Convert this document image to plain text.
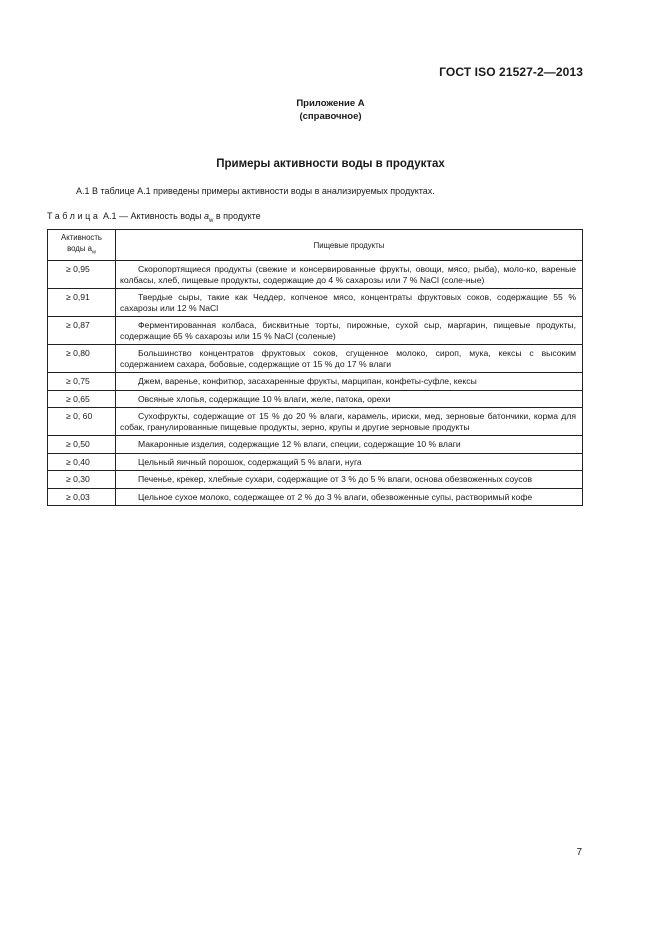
ГОСТ ISO 21527-2—2013
Приложение А
(справочное)
Примеры активности воды в продуктах
А.1 В таблице А.1 приведены примеры активности воды в анализируемых продуктах.
Таблица А.1 — Активность воды $a_w$ в продукте
Активность
воды $a_w$	Пищевые продукты
≥ 0,95	Скоропортящиеся продукты (свежие и консервированные фрукты, овощи, мясо, рыба), моло-ко, вареные колбасы, хлеб, пищевые продукты, содержащие до 4 % сахарозы или 7 % NaCl (соле-ные)
≥ 0,91	Твердые сыры, такие как Чеддер, копченое мясо, концентраты фруктовых соков, содержащие 55 % сахарозы или 12 % NaCl
≥ 0,87	Ферментированная колбаса, бисквитные торты, пирожные, сухой сыр, маргарин, пищевые продукты, содержащие 65 % сахарозы или 15 % NaCl (соленые)
≥ 0,80	Большинство концентратов фруктовых соков, сгущенное молоко, сироп, мука, кексы с высоким содержанием сахара, бобовые, содержащие от 15 % до 17 % влаги
≥ 0,75	Джем, варенье, конфитюр, засахаренные фрукты, марципан, конфеты-суфле, кексы
≥ 0,65	Овсяные хлопья, содержащие 10 % влаги, желе, патока, орехи
≥ 0, 60	Сухофрукты, содержащие от 15 % до 20 % влаги, карамель, ириски, мед, зерновые батончики, корма для собак, гранулированные пищевые продукты, зерно, крупы и другие зерновые продукты
≥ 0,50	Макаронные изделия, содержащие 12 % влаги, специи, содержащие 10 % влаги
≥ 0,40	Цельный яичный порошок, содержащий 5 % влаги, нуга
≥ 0,30	Печенье, крекер, хлебные сухари, содержащие от 3 % до 5 % влаги, основа обезвоженных соусов
≥ 0,03	Цельное сухое молоко, содержащее от 2 % до 3 % влаги, обезвоженные супы, растворимый кофе
7
